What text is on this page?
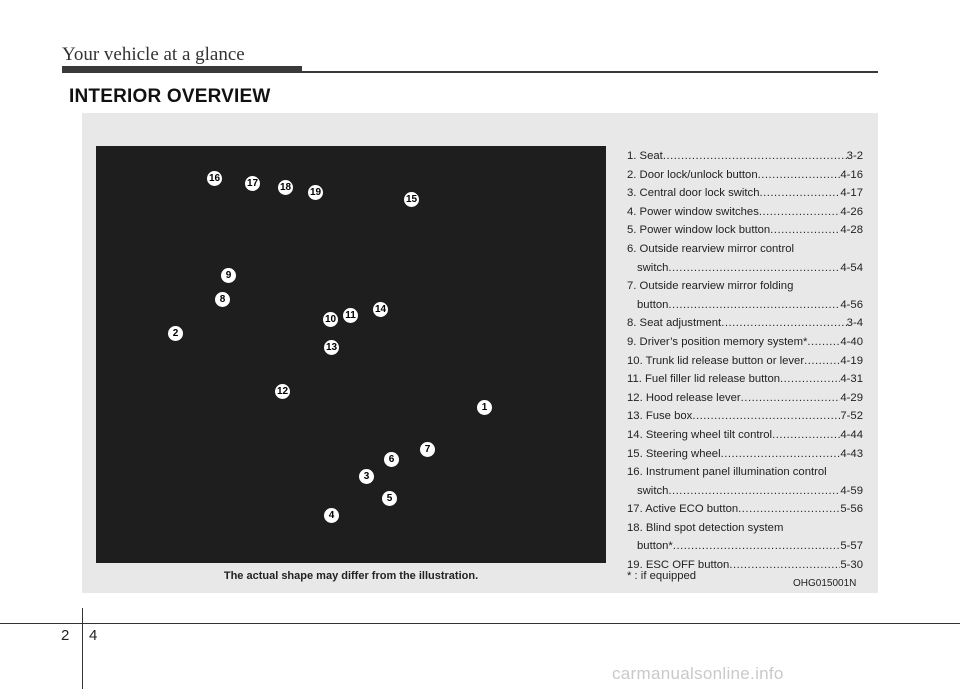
Your vehicle at a glance
INTERIOR OVERVIEW
16	17 18 19
15
9
8
2
10 11
14
13
12
1
7
6
3
5
4
The actual shape may differ from the illustration.
1. Seat .....	3-2
2. Door lock/unlock button .....	4-16
3. Central door lock switch .....	4-17
4. Power window switches .....	4-26
5. Power window lock button .....	4-28
6. Outside rearview mirror control
switch .....	4-54
7. Outside rearview mirror folding
button .....	4-56
8. Seat adjustment .....	3-4
9. Driver’s position memory system* .....	4-40
10. Trunk lid release button or lever .....	4-19
11. Fuel filler lid release button .....	4-31
12. Hood release lever .....	4-29
13. Fuse box .....	7-52
14. Steering wheel tilt control .....	4-44
15. Steering wheel .....	4-43
16. Instrument panel illumination control
switch .....	4-59
17. Active ECO button .....	5-56
18. Blind spot detection system
button* .....	5-57
19. ESC OFF button .....	5-30
* : if equipped
OHG015001N
2 4
carmanualsonline.info
